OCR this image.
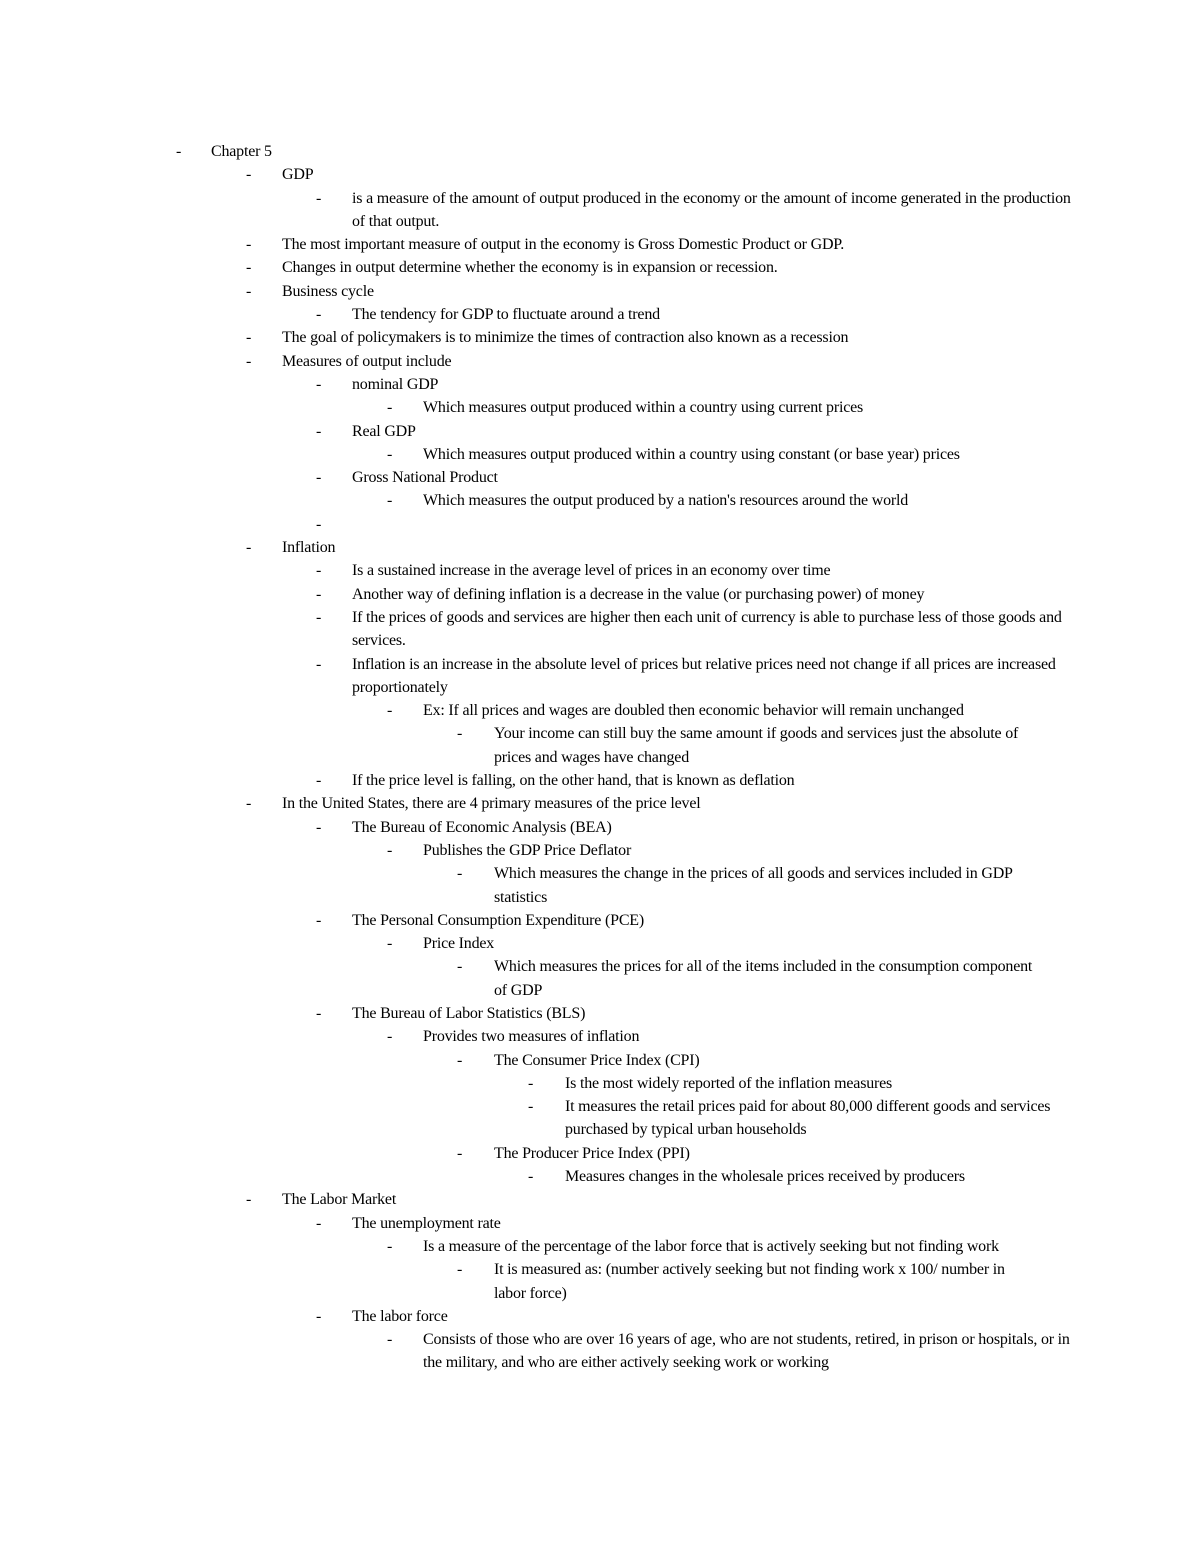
- Chapter 5
- GDP
- is a measure of the amount of output produced in the economy or the amount of income generated in the production of that output.
- The most important measure of output in the economy is Gross Domestic Product or GDP.
- Changes in output determine whether the economy is in expansion or recession.
- Business cycle
- The tendency for GDP to fluctuate around a trend
- The goal of policymakers is to minimize the times of contraction also known as a recession
- Measures of output include
- nominal GDP
- Which measures output produced within a country using current prices
- Real GDP
- Which measures output produced within a country using constant (or base year) prices
- Gross National Product
- Which measures the output produced by a nation's resources around the world
-

- Inflation
- Is a sustained increase in the average level of prices in an economy over time
- Another way of defining inflation is a decrease in the value (or purchasing power) of money
- If the prices of goods and services are higher then each unit of currency is able to purchase less of those goods and services.
- Inflation is an increase in the absolute level of prices but relative prices need not change if all prices are increased proportionately
- Ex: If all prices and wages are doubled then economic behavior will remain unchanged
- Your income can still buy the same amount if goods and services just the absolute of prices and wages have changed
- If the price level is falling, on the other hand, that is known as deflation
- In the United States, there are 4 primary measures of the price level
- The Bureau of Economic Analysis (BEA)
- Publishes the GDP Price Deflator
- Which measures the change in the prices of all goods and services included in GDP statistics
- The Personal Consumption Expenditure (PCE)
- Price Index
- Which measures the prices for all of the items included in the consumption component of GDP
- The Bureau of Labor Statistics (BLS)
- Provides two measures of inflation
- The Consumer Price Index (CPI)
- Is the most widely reported of the inflation measures
- It measures the retail prices paid for about 80,000 different goods and services purchased by typical urban households
- The Producer Price Index (PPI)
- Measures changes in the wholesale prices received by producers
- The Labor Market
- The unemployment rate
- Is a measure of the percentage of the labor force that is actively seeking but not finding work
- It is measured as: (number actively seeking but not finding work x 100/ number in labor force)
- The labor force
- Consists of those who are over 16 years of age, who are not students, retired, in prison or hospitals, or in the military, and who are either actively seeking work or working
